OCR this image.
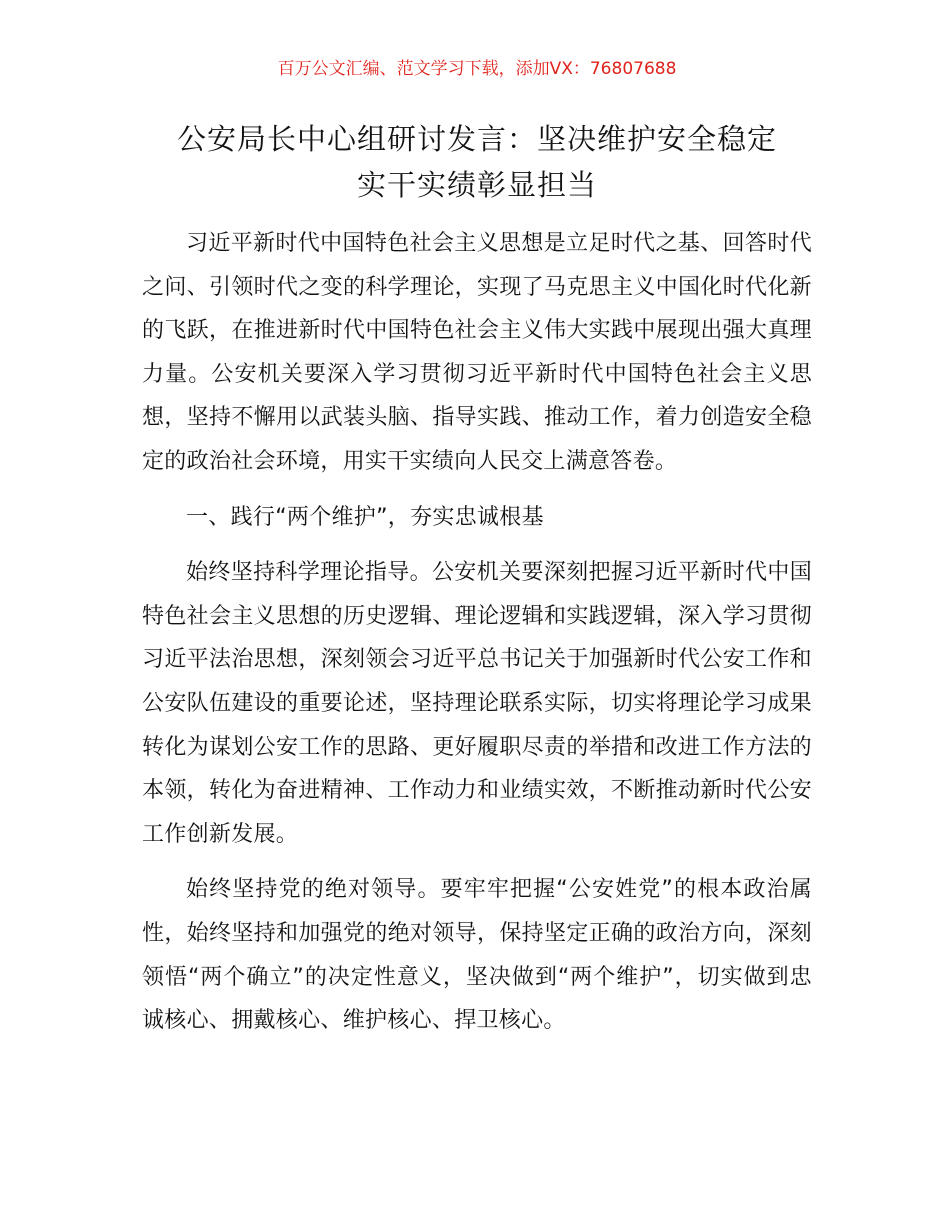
百万公文汇编、范文学习下载，添加VX：76807688
公安局长中心组研讨发言：坚决维护安全稳定
实干实绩彰显担当

习近平新时代中国特色社会主义思想是立足时代之基、回答时代之问、引领时代之变的科学理论，实现了马克思主义中国化时代化新的飞跃，在推进新时代中国特色社会主义伟大实践中展现出强大真理力量。公安机关要深入学习贯彻习近平新时代中国特色社会主义思想，坚持不懈用以武装头脑、指导实践、推动工作，着力创造安全稳定的政治社会环境，用实干实绩向人民交上满意答卷。

一、践行“两个维护”，夯实忠诚根基

始终坚持科学理论指导。公安机关要深刻把握习近平新时代中国特色社会主义思想的历史逻辑、理论逻辑和实践逻辑，深入学习贯彻习近平法治思想，深刻领会习近平总书记关于加强新时代公安工作和公安队伍建设的重要论述，坚持理论联系实际，切实将理论学习成果转化为谋划公安工作的思路、更好履职尽责的举措和改进工作方法的本领，转化为奋进精神、工作动力和业绩实效，不断推动新时代公安工作创新发展。

始终坚持党的绝对领导。要牢牢把握“公安姓党”的根本政治属性，始终坚持和加强党的绝对领导，保持坚定正确的政治方向，深刻领悟“两个确立”的决定性意义，坚决做到“两个维护”，切实做到忠诚核心、拥戴核心、维护核心、捍卫核心。
